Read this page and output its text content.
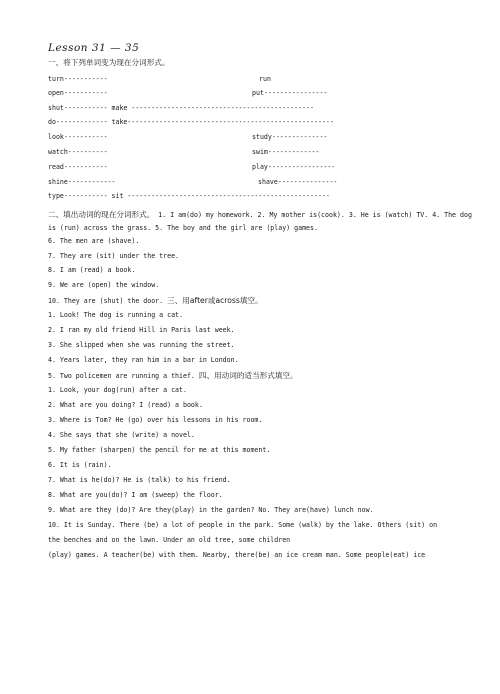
Lesson 31 — 35
一、将下列单词变为现在分词形式。
turn-----------	run
open-----------	put----------------
shut----------- make ----------------------------------------------
do------------- take----------------------------------------------------
look-----------	study--------------
watch----------	swim-------------
read-----------	play-----------------
shine------------	shave---------------
type----------- sit ---------------------------------------------------
二、填出动词的现在分词形式。 1. I am(do) my homework. 2. My mother is(cook). 3. He is (watch) TV. 4. The dog is (run) across the grass. 5. The boy and the girl are (play) games.
6. The men are (shave).
7. They are (sit) under the tree.
8. I am (read) a book.
9. We are (open) the window.
10. They are (shut) the door. 三、用after或across填空。
1. Look! The dog is running a cat.
2. I ran my old friend Hill in Paris last week.
3. She slipped when she was running the street.
4. Years later, they ran him in a bar in London.
5. Two policemen are running a thief. 四、用动词的适当形式填空。
1. Look, your dog(run) after a cat.
2. What are you doing? I (read) a book.
3. Where is Tom? He (go) over his lessons in his room.
4. She says that she (write) a novel.
5. My father (sharpen) the pencil for me at this moment.
6. It is (rain).
7. What is he(do)? He is (talk) to his friend.
8. What are you(do)? I am (sweep) the floor.
9. What are they (do)? Are they(play) in the garden? No. They are(have) lunch now.
10. It is Sunday. There (be) a lot of people in the park. Some (walk) by the lake. Others (sit) on
the benches and on the lawn. Under an old tree, some children
(play) games. A teacher(be) with them. Nearby, there(be) an ice cream man. Some people(eat) ice
